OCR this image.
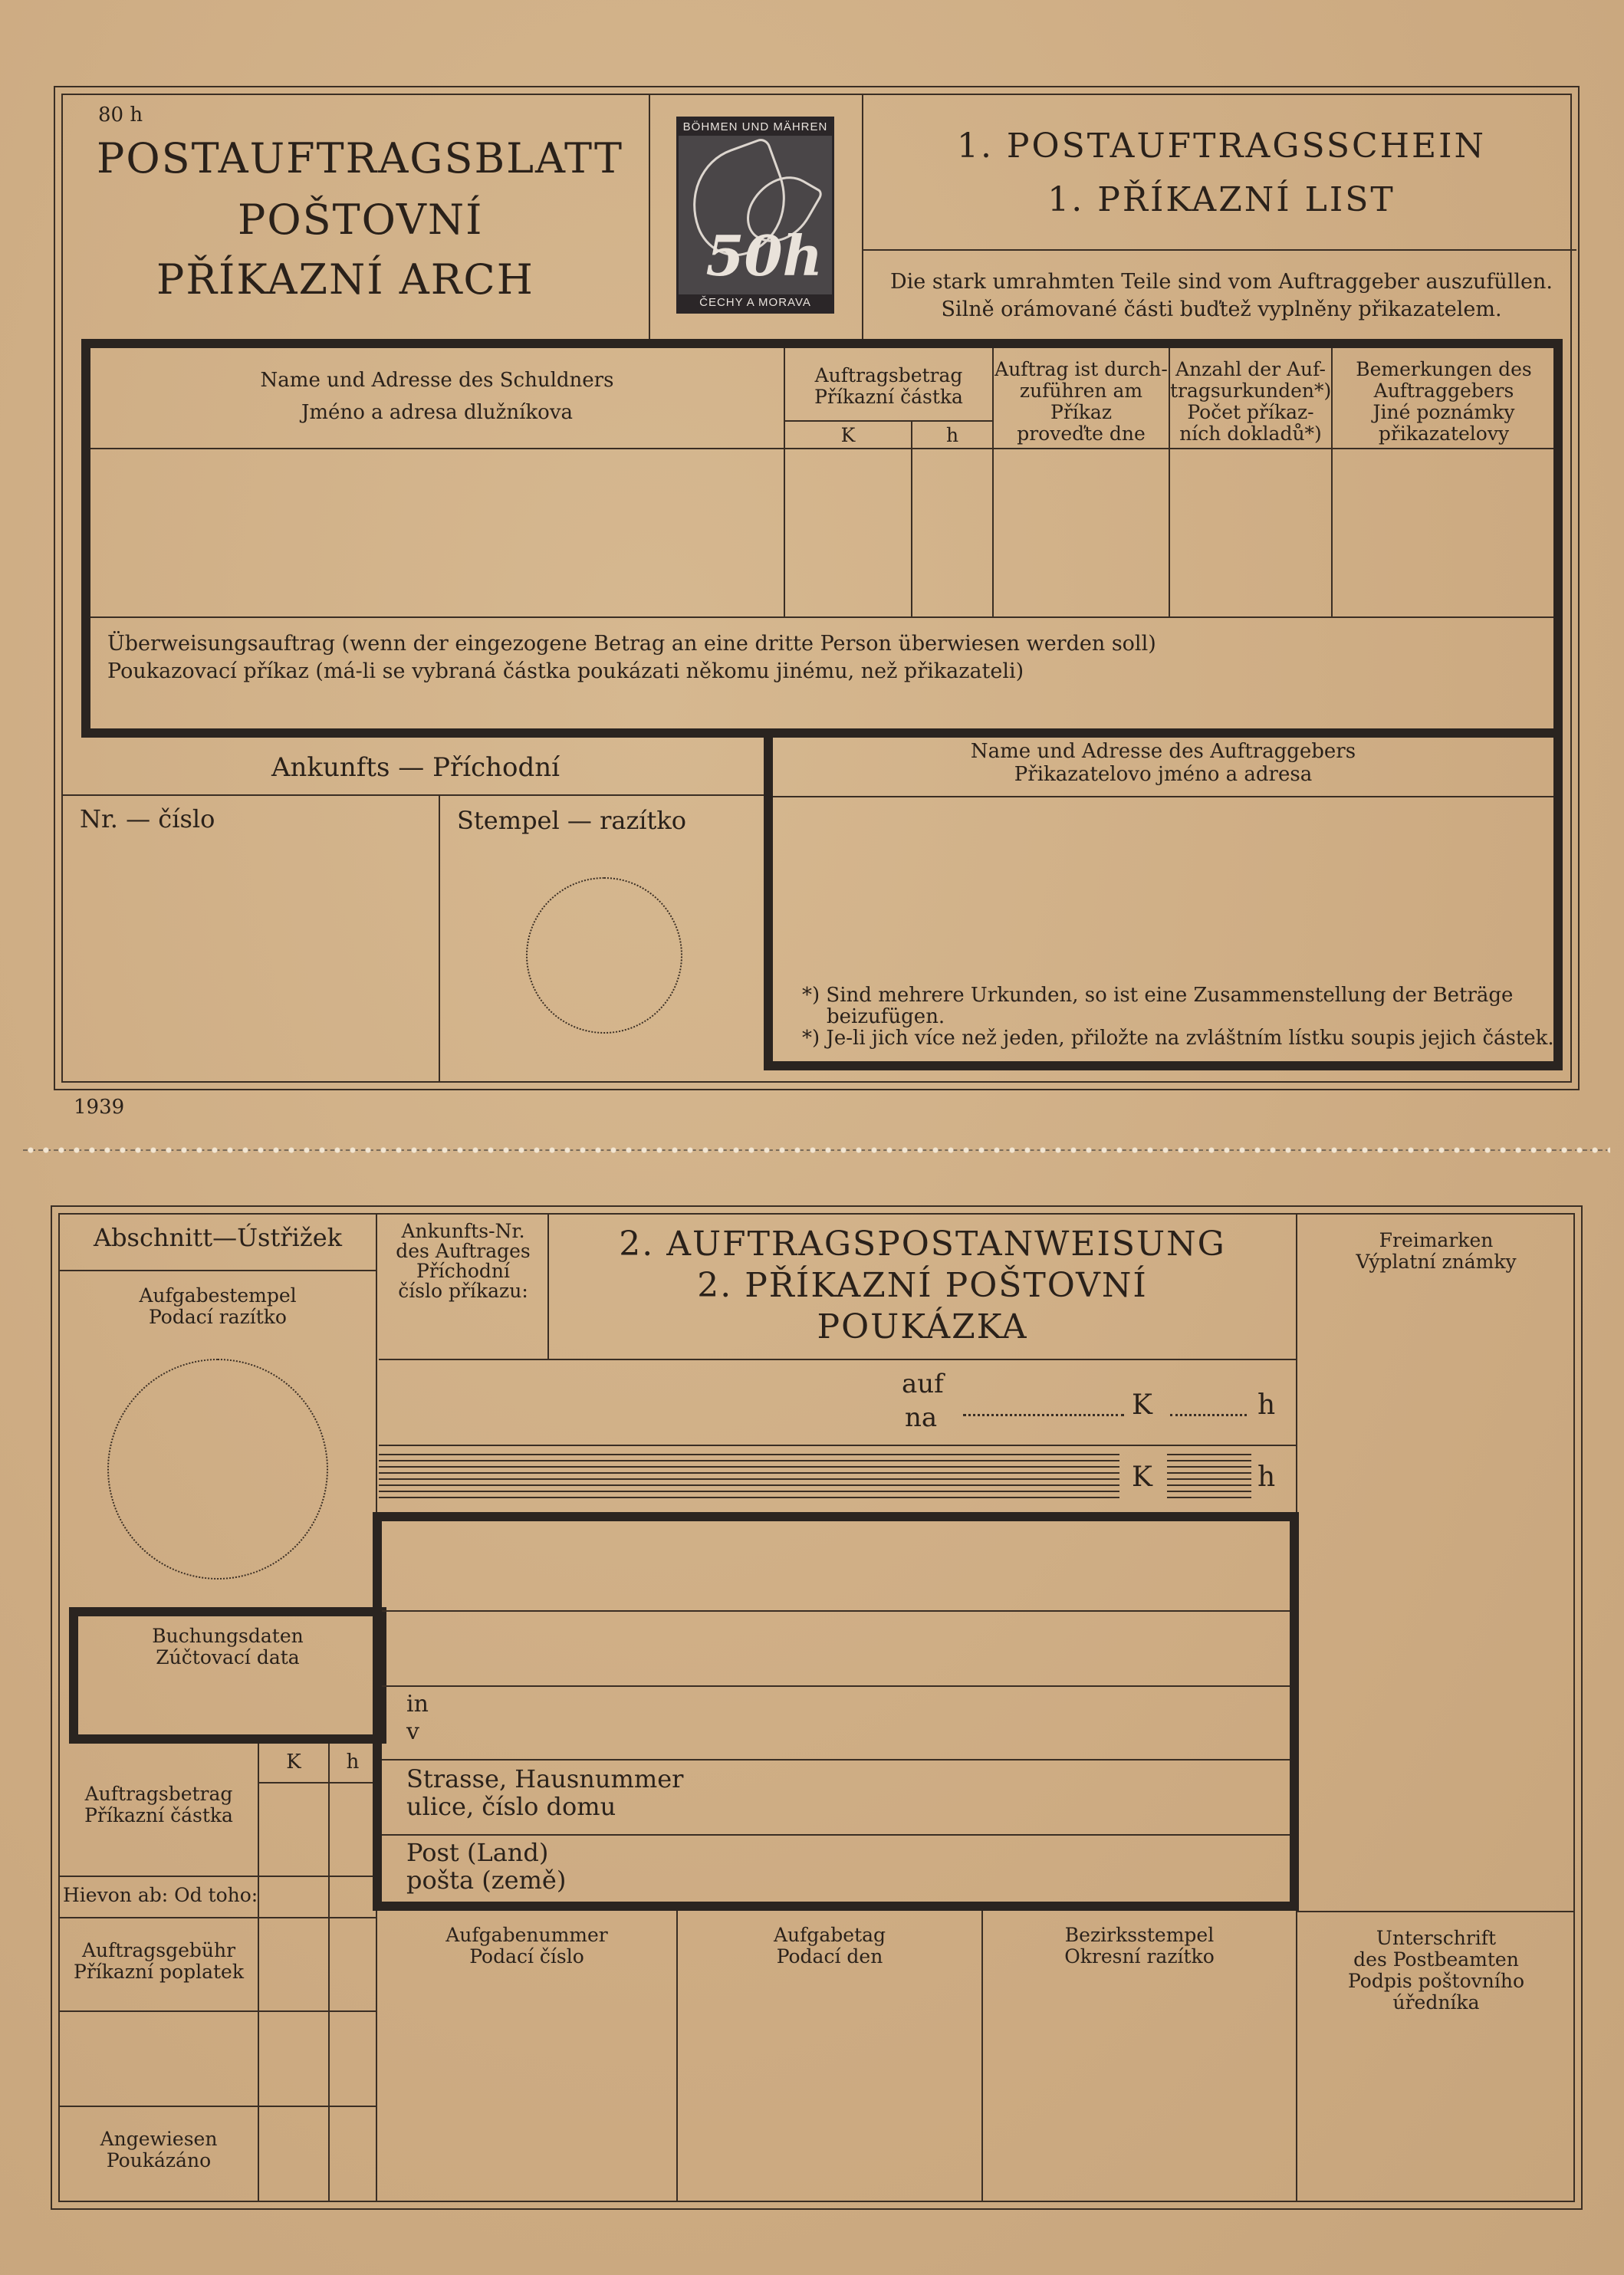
80 h
POSTAUFTRAGSBLATT
POŠTOVNÍ
PŘÍKAZNÍ ARCH
BÖHMEN UND MÄHREN
50h
ČECHY A MORAVA
1. POSTAUFTRAGSSCHEIN
1. PŘÍKAZNÍ LIST
Die stark umrahmten Teile sind vom Auftraggeber auszufüllen.
Silně orámované části buďtež vyplněny přikazatelem.
Name und Adresse des Schuldners
Jméno a adresa dlužníkova
Auftragsbetrag
Příkazní částka
K	h
Auftrag ist durch-
zuführen am
Příkaz
proveďte dne
Anzahl der Auf-
tragsurkunden*)
Počet příkaz-
ních dokladů*)
Bemerkungen des
Auftraggebers
Jiné poznámky
přikazatelovy
Überweisungsauftrag (wenn der eingezogene Betrag an eine dritte Person überwiesen werden soll)
Poukazovací příkaz (má-li se vybraná částka poukázati někomu jinému, než přikazateli)
Ankunfts — Příchodní
Nr. — číslo	Stempel — razítko
Name und Adresse des Auftraggebers
Přikazatelovo jméno a adresa
*) Sind mehrere Urkunden, so ist eine Zusammenstellung der Beträge
beizufügen.
*) Je-li jich více než jeden, přiložte na zvláštním lístku soupis jejich částek.
1939
Abschnitt—Ústřižek
Aufgabestempel
Podací razítko
Buchungsdaten
Zúčtovací data
K	h
Auftragsbetrag
Příkazní částka
Hievon ab: Od toho:
Auftragsgebühr
Příkazní poplatek
Angewiesen
Poukázáno
Ankunfts-Nr.
des Auftrages
Příchodní
číslo příkazu:
2. AUFTRAGSPOSTANWEISUNG
2. PŘÍKAZNÍ POŠTOVNÍ
POUKÁZKA
Freimarken
Výplatní známky
auf
na	K	h
K	h
in
v
Strasse, Hausnummer
ulice, číslo domu
Post (Land)
pošta (země)
Aufgabenummer
Podací číslo
Aufgabetag
Podací den
Bezirksstempel
Okresní razítko
Unterschrift
des Postbeamten
Podpis poštovního
úředníka
